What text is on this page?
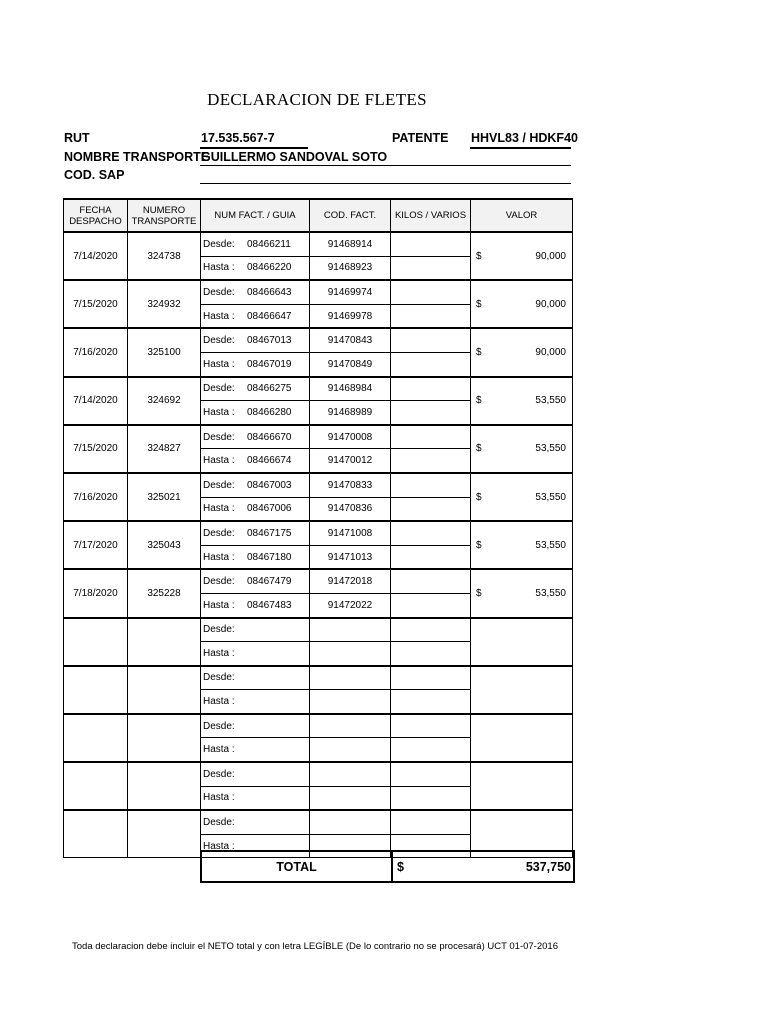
DECLARACION DE FLETES
RUT	17.535.567-7	PATENTE HHVL83 / HDKF40
NOMBRE TRANSPORTE
GUILLERMO SANDOVAL SOTO
COD. SAP
FECHA DESPACHO	NUMERO TRANSPORTE	NUM FACT. / GUIA	COD. FACT.	KILOS / VARIOS	VALOR
7/14/2020	324738	Desde: 08466211	91468914		$ 90,000

		Hasta : 08466220	91468923		
7/15/2020	324932	Desde: 08466643	91469974		$ 90,000

		Hasta : 08466647	91469978		
7/16/2020	325100	Desde: 08467013	91470843		$ 90,000

		Hasta : 08467019	91470849		
7/14/2020	324692	Desde: 08466275	91468984		$ 53,550

		Hasta : 08466280	91468989		
7/15/2020	324827	Desde: 08466670	91470008		$ 53,550

		Hasta : 08466674	91470012		
7/16/2020	325021	Desde: 08467003	91470833		$ 53,550

		Hasta : 08467006	91470836		
7/17/2020	325043	Desde: 08467175	91471008		$ 53,550

		Hasta : 08467180	91471013		
7/18/2020	325228	Desde: 08467479	91472018		$ 53,550

		Hasta : 08467483	91472022		
		Desde:			
		Hasta :			
		Desde:			
		Hasta :			
		Desde:			
		Hasta :			
		Desde:			
		Hasta :			
		Desde:			
		Hasta :			
TOTAL	$	537,750
Toda declaracion debe incluir el NETO total y con letra LEGÍBLE (De lo contrario no se procesará) UCT 01-07-2016
